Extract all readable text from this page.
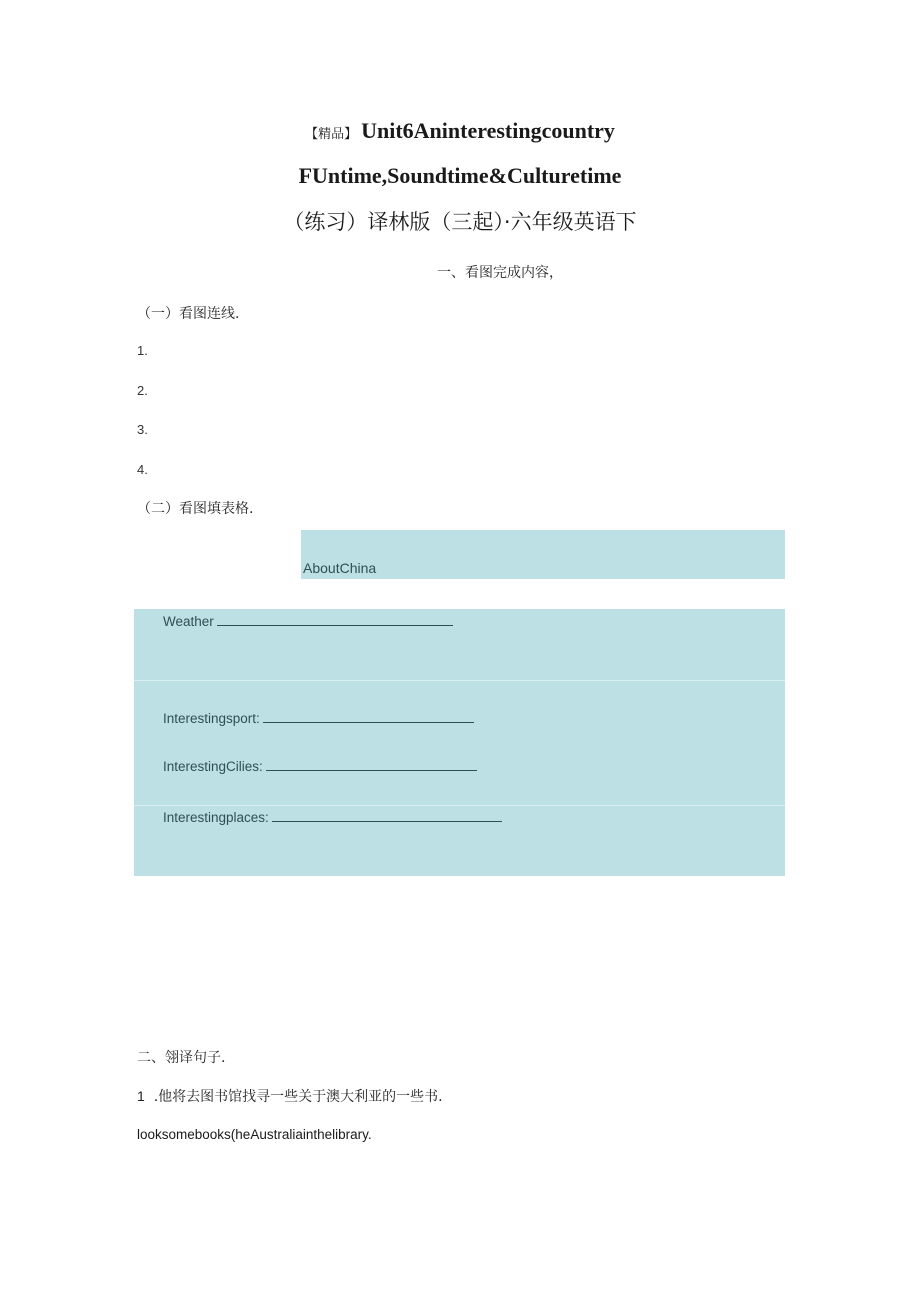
【精品】 Unit6Aninterestingcountry
FUntime,Soundtime&Culturetime
（练习）译林版（三起）·六年级英语下
一、看图完成内容，
（一）看图连线.
1.
2.
3.
4.
（二）看图填表格.
AboutChina
Weather
Interestingsport:
InterestingCilies:
Interestingplaces:
二、翎译句子.
1 .他将去图书馆找寻一些关于澳大利亚的一些书.
looksomebooks(heAustraliainthelibrary.
